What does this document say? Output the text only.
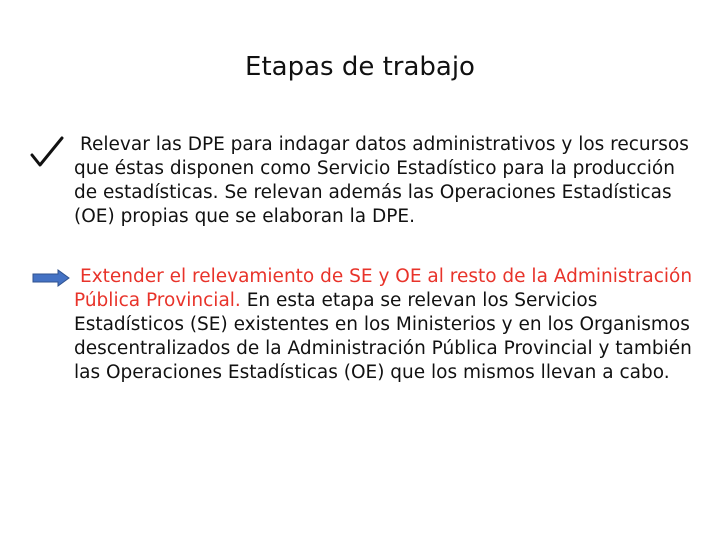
Etapas de trabajo
Relevar las DPE para indagar datos administrativos y los recursos que éstas disponen como Servicio Estadístico para la producción de estadísticas. Se relevan además las Operaciones Estadísticas (OE) propias que se elaboran la DPE.
Extender el relevamiento de SE y OE al resto de la Administración Pública Provincial. En esta etapa se relevan los Servicios Estadísticos (SE) existentes en los Ministerios y en los Organismos descentralizados de la Administración Pública Provincial y también las Operaciones Estadísticas (OE) que los mismos llevan a cabo.
